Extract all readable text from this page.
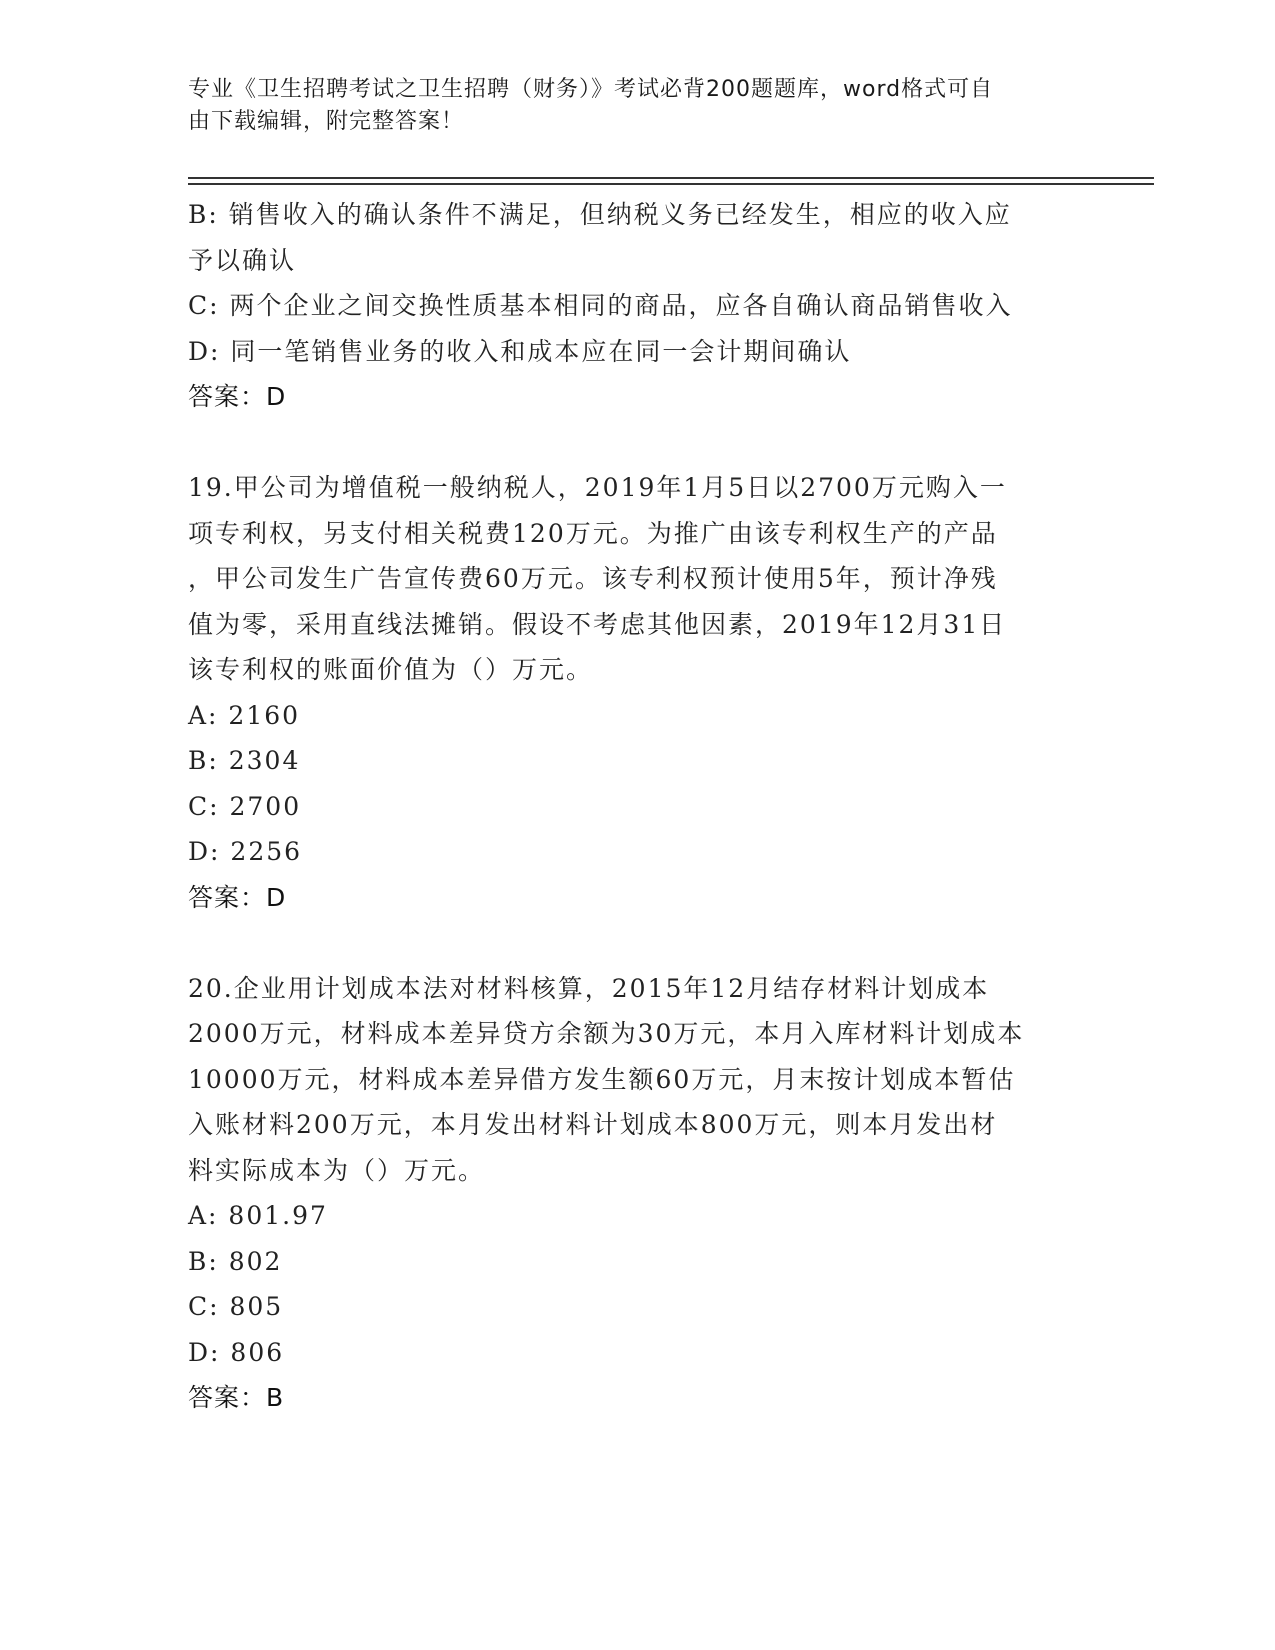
专业《卫生招聘考试之卫生招聘（财务）》考试必背200题题库，word格式可自
由下载编辑，附完整答案！
B: 销售收入的确认条件不满足，但纳税义务已经发生，相应的收入应
予以确认
C: 两个企业之间交换性质基本相同的商品，应各自确认商品销售收入
D: 同一笔销售业务的收入和成本应在同一会计期间确认
答案：D
19.甲公司为增值税一般纳税人，2019年1月5日以2700万元购入一
项专利权，另支付相关税费120万元。为推广由该专利权生产的产品
，甲公司发生广告宣传费60万元。该专利权预计使用5年，预计净残
值为零，采用直线法摊销。假设不考虑其他因素，2019年12月31日
该专利权的账面价值为（）万元。
A: 2160
B: 2304
C: 2700
D: 2256
答案：D
20.企业用计划成本法对材料核算，2015年12月结存材料计划成本
2000万元，材料成本差异贷方余额为30万元，本月入库材料计划成本
10000万元，材料成本差异借方发生额60万元，月末按计划成本暂估
入账材料200万元，本月发出材料计划成本800万元，则本月发出材
料实际成本为（）万元。
A: 801.97
B: 802
C: 805
D: 806
答案：B
